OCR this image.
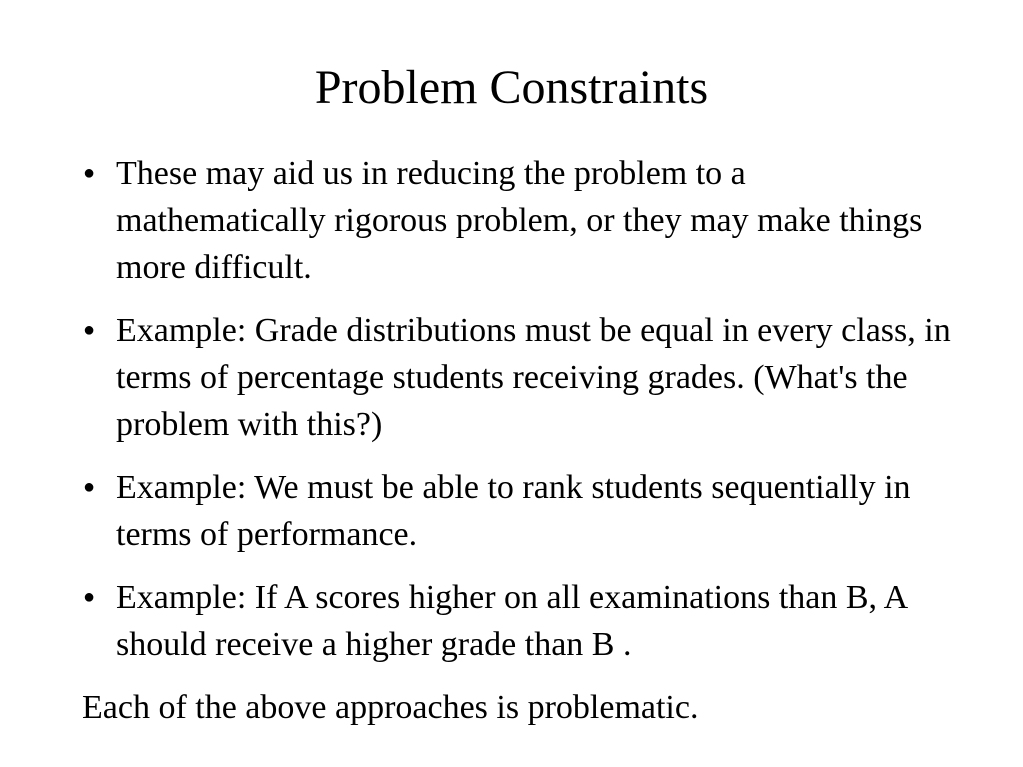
Problem Constraints
● These may aid us in reducing the problem to a mathematically rigorous problem, or they may make things more difficult.
● Example: Grade distributions must be equal in every class, in terms of percentage students receiving grades. (What's the problem with this?)
● Example: We must be able to rank students sequentially in terms of performance.
● Example: If A scores higher on all examinations than B, A should receive a higher grade than B .
Each of the above approaches is problematic.
